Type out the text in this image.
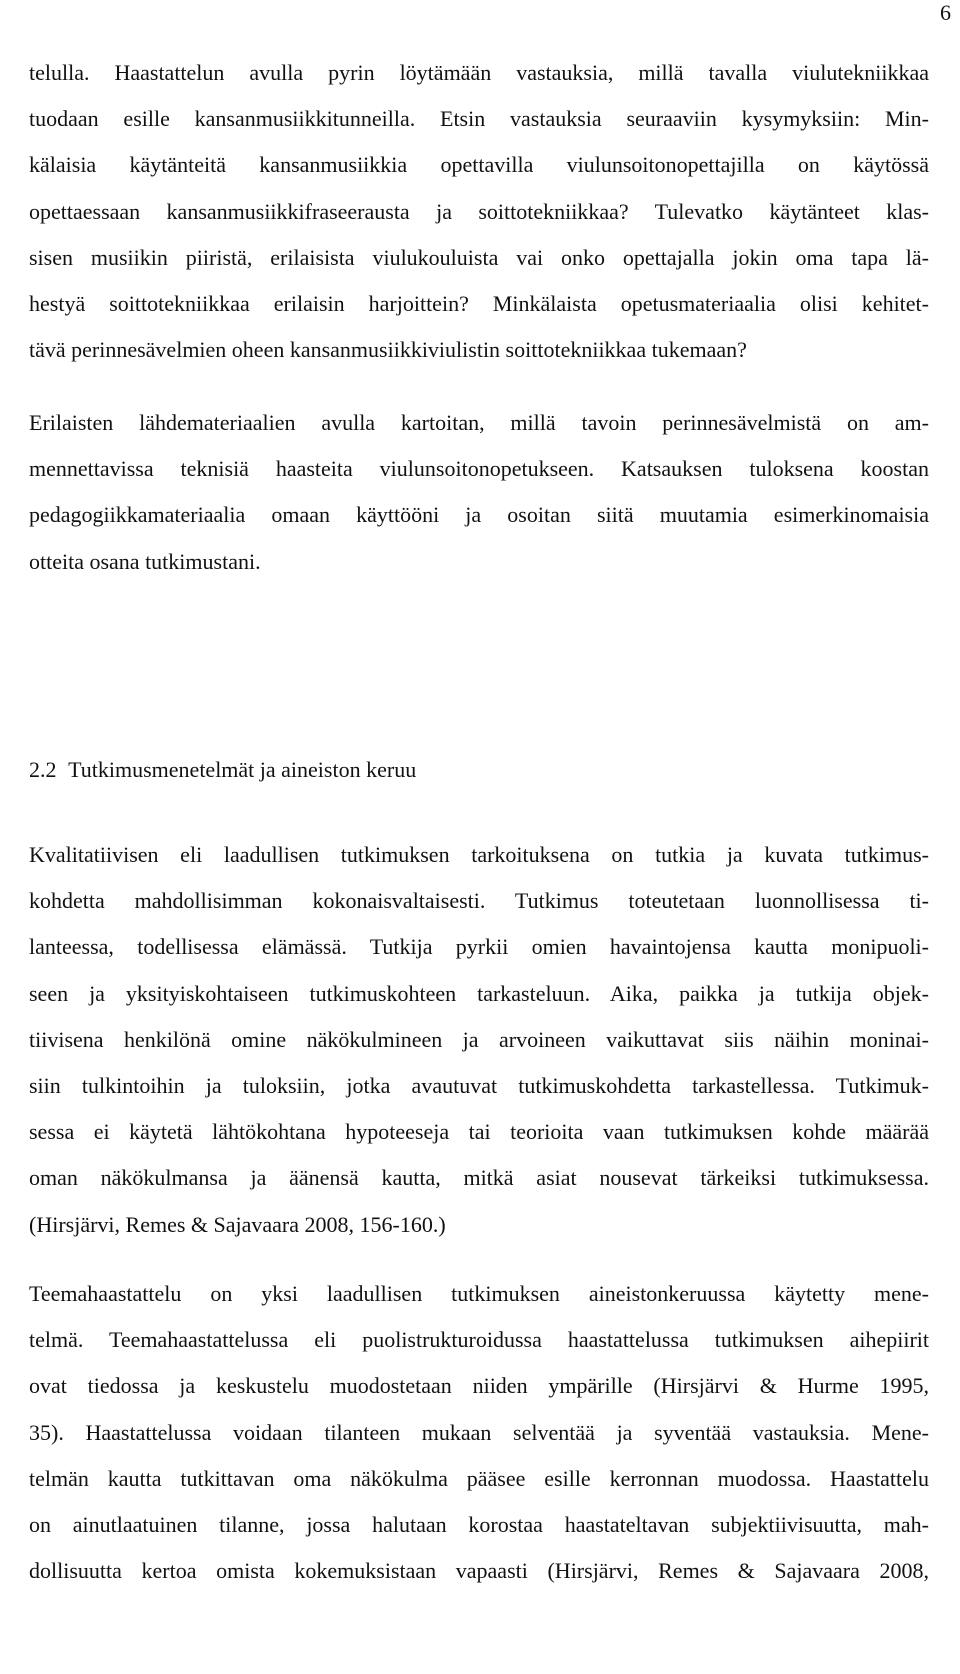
6
telulla. Haastattelun avulla pyrin löytämään vastauksia, millä tavalla viulutekniikkaa
tuodaan esille kansanmusiikkitunneilla. Etsin vastauksia seuraaviin kysymyksiin: Min-
kälaisia käytänteitä kansanmusiikkia opettavilla viulunsoitonopettajilla on käytössä
opettaessaan kansanmusiikkifraseerausta ja soittotekniikkaa? Tulevatko käytänteet klas-
sisen musiikin piiristä, erilaisista viulukouluista vai onko opettajalla jokin oma tapa lä-
hestyä soittotekniikkaa erilaisin harjoittein? Minkälaista opetusmateriaalia olisi kehitet-
tävä perinnesävelmien oheen kansanmusiikkiviulistin soittotekniikkaa tukemaan?
Erilaisten lähdemateriaalien avulla kartoitan, millä tavoin perinnesävelmistä on am-
mennettavissa teknisiä haasteita viulunsoitonopetukseen. Katsauksen tuloksena koostan
pedagogiikkamateriaalia omaan käyttööni ja osoitan siitä muutamia esimerkinomaisia
otteita osana tutkimustani.
2.2 Tutkimusmenetelmät ja aineiston keruu
Kvalitatiivisen eli laadullisen tutkimuksen tarkoituksena on tutkia ja kuvata tutkimus-
kohdetta mahdollisimman kokonaisvaltaisesti. Tutkimus toteutetaan luonnollisessa ti-
lanteessa, todellisessa elämässä. Tutkija pyrkii omien havaintojensa kautta monipuoli-
seen ja yksityiskohtaiseen tutkimuskohteen tarkasteluun. Aika, paikka ja tutkija objek-
tiivisena henkilönä omine näkökulmineen ja arvoineen vaikuttavat siis näihin moninai-
siin tulkintoihin ja tuloksiin, jotka avautuvat tutkimuskohdetta tarkastellessa. Tutkimuk-
sessa ei käytetä lähtökohtana hypoteeseja tai teorioita vaan tutkimuksen kohde määrää
oman näkökulmansa ja äänensä kautta, mitkä asiat nousevat tärkeiksi tutkimuksessa.
(Hirsjärvi, Remes & Sajavaara 2008, 156-160.)
Teemahaastattelu on yksi laadullisen tutkimuksen aineistonkeruussa käytetty mene-
telmä. Teemahaastattelussa eli puolistrukturoidussa haastattelussa tutkimuksen aihepiirit
ovat tiedossa ja keskustelu muodostetaan niiden ympärille (Hirsjärvi & Hurme 1995,
35). Haastattelussa voidaan tilanteen mukaan selventää ja syventää vastauksia. Mene-
telmän kautta tutkittavan oma näkökulma pääsee esille kerronnan muodossa. Haastattelu
on ainutlaatuinen tilanne, jossa halutaan korostaa haastateltavan subjektiivisuutta, mah-
dollisuutta kertoa omista kokemuksistaan vapaasti (Hirsjärvi, Remes & Sajavaara 2008,
